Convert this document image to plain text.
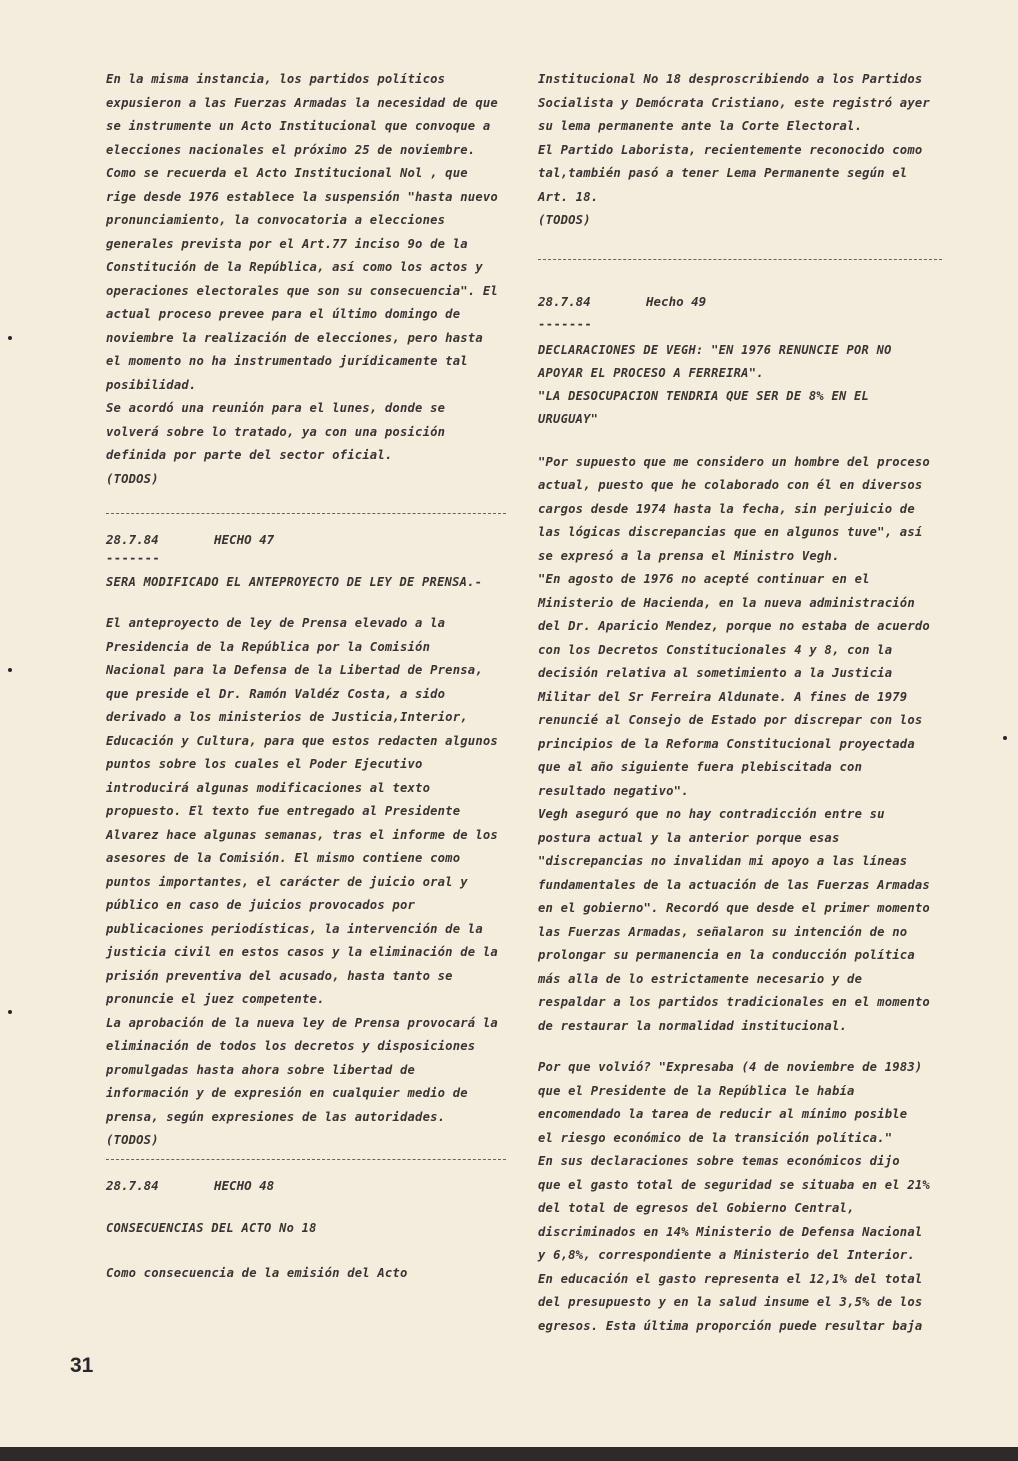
En la misma instancia, los partidos políticos
expusieron a las Fuerzas Armadas la necesidad de que
se instrumente un Acto Institucional que convoque a
elecciones nacionales el próximo 25 de noviembre.
Como se recuerda el Acto Institucional Nol , que
rige desde 1976 establece la suspensión "hasta nuevo
pronunciamiento, la convocatoria a elecciones
generales prevista por el Art.77 inciso 9o de la
Constitución de la República, así como los actos y
operaciones electorales que son su consecuencia". El
actual proceso prevee para el último domingo de
noviembre la realización de elecciones, pero hasta
el momento no ha instrumentado jurídicamente tal
posibilidad.
Se acordó una reunión para el lunes, donde se
volverá sobre lo tratado, ya con una posición
definida por parte del sector oficial.
(TODOS)
28.7.84	HECHO 47
-------
SERA MODIFICADO EL ANTEPROYECTO DE LEY DE PRENSA.-
El anteproyecto de ley de Prensa elevado a la
Presidencia de la República por la Comisión
Nacional para la Defensa de la Libertad de Prensa,
que preside el Dr. Ramón Valdéz Costa, a sido
derivado a los ministerios de Justicia,Interior,
Educación y Cultura, para que estos redacten algunos
puntos sobre los cuales el Poder Ejecutivo
introducirá algunas modificaciones al texto
propuesto. El texto fue entregado al Presidente
Alvarez hace algunas semanas, tras el informe de los
asesores de la Comisión. El mismo contiene como
puntos importantes, el carácter de juicio oral y
público en caso de juicios provocados por
publicaciones periodísticas, la intervención de la
justicia civil en estos casos y la eliminación de la
prisión preventiva del acusado, hasta tanto se
pronuncie el juez competente.
La aprobación de la nueva ley de Prensa provocará la
eliminación de todos los decretos y disposiciones
promulgadas hasta ahora sobre libertad de
información y de expresión en cualquier medio de
prensa, según expresiones de las autoridades.
(TODOS)
28.7.84	HECHO 48
CONSECUENCIAS DEL ACTO No 18
Como consecuencia de la emisión del Acto
Institucional No 18 desproscribiendo a los Partidos
Socialista y Demócrata Cristiano, este registró ayer
su lema permanente ante la Corte Electoral.
El Partido Laborista, recientemente reconocido como
tal,también pasó a tener Lema Permanente según el
Art. 18.
(TODOS)
28.7.84	Hecho 49
-------
DECLARACIONES DE VEGH: "EN 1976 RENUNCIE POR NO
APOYAR EL PROCESO A FERREIRA".
"LA DESOCUPACION TENDRIA QUE SER DE 8% EN EL
URUGUAY"
"Por supuesto que me considero un hombre del proceso
actual, puesto que he colaborado con él en diversos
cargos desde 1974 hasta la fecha, sin perjuicio de
las lógicas discrepancias que en algunos tuve", así
se expresó a la prensa el Ministro Vegh.
"En agosto de 1976 no acepté continuar en el
Ministerio de Hacienda, en la nueva administración
del Dr. Aparicio Mendez, porque no estaba de acuerdo
con los Decretos Constitucionales 4 y 8, con la
decisión relativa al sometimiento a la Justicia
Militar del Sr Ferreira Aldunate. A fines de 1979
renuncié al Consejo de Estado por discrepar con los
principios de la Reforma Constitucional proyectada
que al año siguiente fuera plebiscitada con
resultado negativo".
Vegh aseguró que no hay contradicción entre su
postura actual y la anterior porque esas
"discrepancias no invalidan mi apoyo a las líneas
fundamentales de la actuación de las Fuerzas Armadas
en el gobierno". Recordó que desde el primer momento
las Fuerzas Armadas, señalaron su intención de no
prolongar su permanencia en la conducción política
más alla de lo estrictamente necesario y de
respaldar a los partidos tradicionales en el momento
de restaurar la normalidad institucional.
Por que volvió? "Expresaba (4 de noviembre de 1983)
que el Presidente de la República le había
encomendado la tarea de reducir al mínimo posible
el riesgo económico de la transición política."
En sus declaraciones sobre temas económicos dijo
que el gasto total de seguridad se situaba en el 21%
del total de egresos del Gobierno Central,
discriminados en 14% Ministerio de Defensa Nacional
y 6,8%, correspondiente a Ministerio del Interior.
En educación el gasto representa el 12,1% del total
del presupuesto y en la salud insume el 3,5% de los
egresos. Esta última proporción puede resultar baja
31
